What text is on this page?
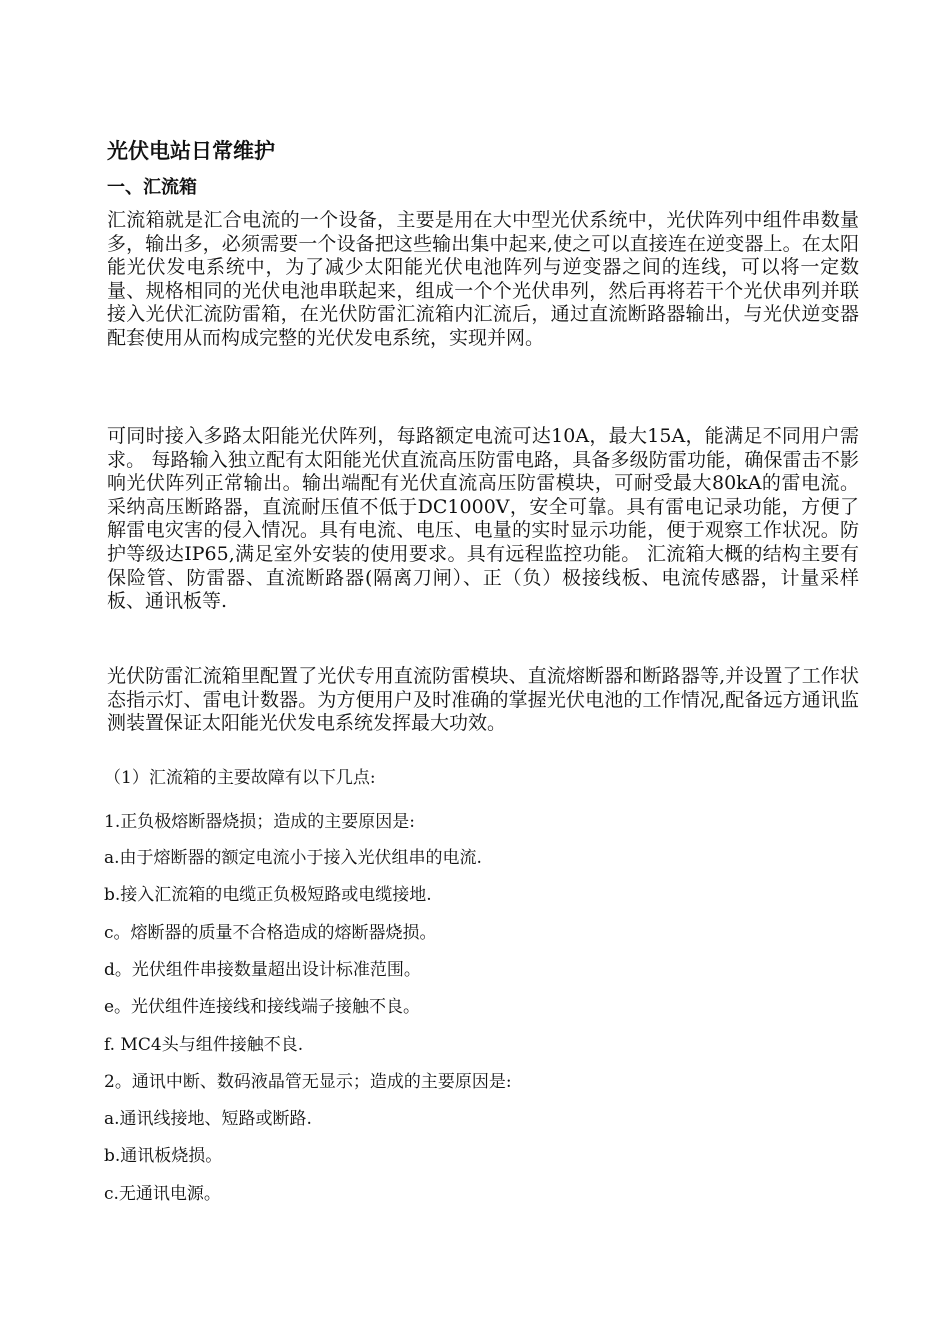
光伏电站日常维护
一、汇流箱

汇流箱就是汇合电流的一个设备，主要是用在大中型光伏系统中，光伏阵列中组件串数量多，输出多，必须需要一个设备把这些输出集中起来,使之可以直接连在逆变器上。在太阳能光伏发电系统中，为了减少太阳能光伏电池阵列与逆变器之间的连线，可以将一定数量、规格相同的光伏电池串联起来，组成一个个光伏串列，然后再将若干个光伏串列并联接入光伏汇流防雷箱，在光伏防雷汇流箱内汇流后，通过直流断路器输出，与光伏逆变器配套使用从而构成完整的光伏发电系统，实现并网。

可同时接入多路太阳能光伏阵列，每路额定电流可达10A，最大15A，能满足不同用户需求。 每路输入独立配有太阳能光伏直流高压防雷电路，具备多级防雷功能，确保雷击不影响光伏阵列正常输出。输出端配有光伏直流高压防雷模块，可耐受最大80kA的雷电流。采纳高压断路器，直流耐压值不低于DC1000V，安全可靠。具有雷电记录功能，方便了解雷电灾害的侵入情况。具有电流、电压、电量的实时显示功能，便于观察工作状况。防护等级达IP65,满足室外安装的使用要求。具有远程监控功能。 汇流箱大概的结构主要有保险管、防雷器、直流断路器(隔离刀闸）、正（负）极接线板、电流传感器，计量采样板、通讯板等.

光伏防雷汇流箱里配置了光伏专用直流防雷模块、直流熔断器和断路器等,并设置了工作状态指示灯、雷电计数器。为方便用户及时准确的掌握光伏电池的工作情况,配备远方通讯监测装置保证太阳能光伏发电系统发挥最大功效。

（1）汇流箱的主要故障有以下几点:

1.正负极熔断器烧损；造成的主要原因是:

a.由于熔断器的额定电流小于接入光伏组串的电流.

b.接入汇流箱的电缆正负极短路或电缆接地.

c。熔断器的质量不合格造成的熔断器烧损。

d。光伏组件串接数量超出设计标准范围。

e。光伏组件连接线和接线端子接触不良。

f. MC4头与组件接触不良.

2。通讯中断、数码液晶管无显示；造成的主要原因是:

a.通讯线接地、短路或断路.

b.通讯板烧损。

c.无通讯电源。
